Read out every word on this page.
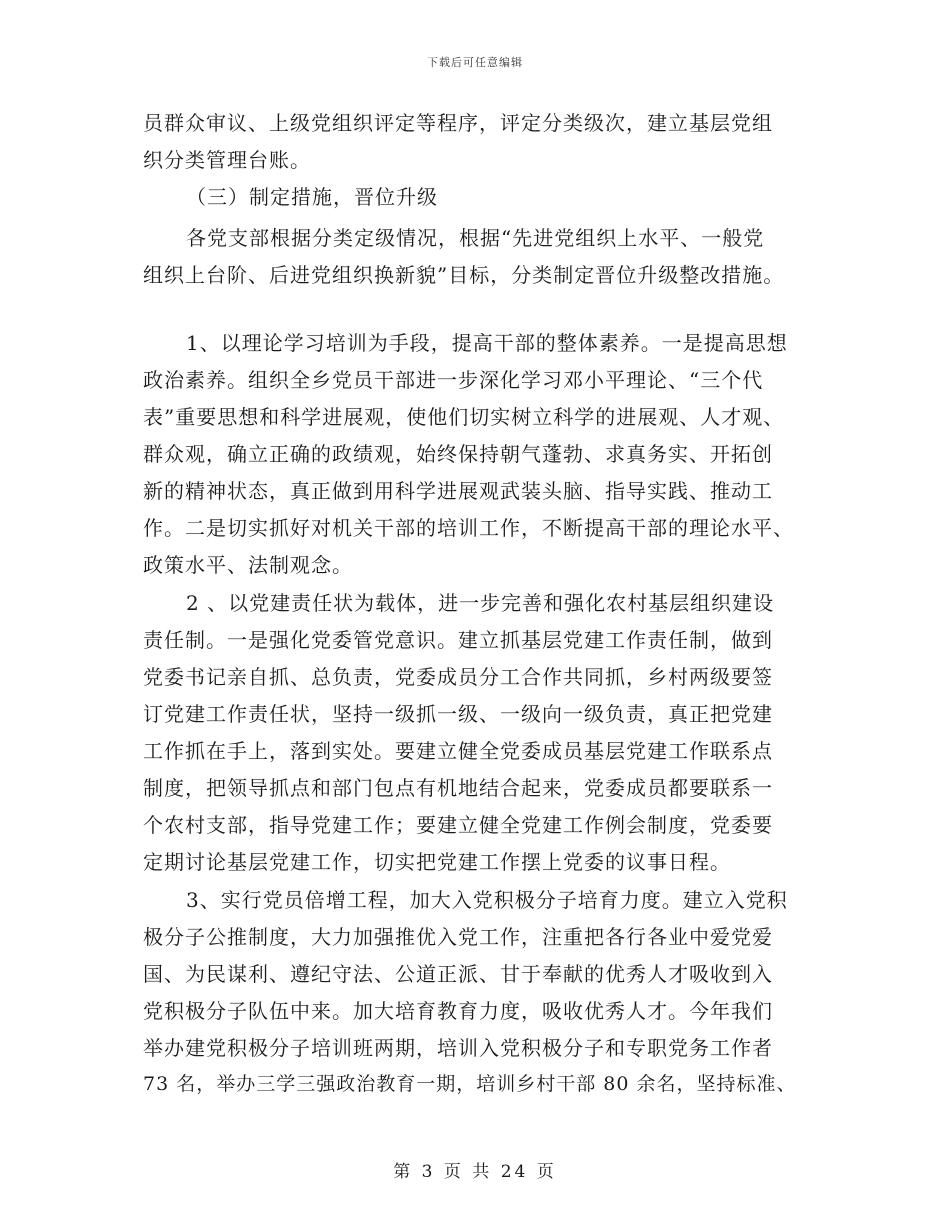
下载后可任意编辑
员群众审议、上级党组织评定等程序，评定分类级次，建立基层党组
织分类管理台账。
（三）制定措施，晋位升级
各党支部根据分类定级情况，根据“先进党组织上水平、一般党
组织上台阶、后进党组织换新貌”目标，分类制定晋位升级整改措施。
1、以理论学习培训为手段，提高干部的整体素养。一是提高思想
政治素养。组织全乡党员干部进一步深化学习邓小平理论、“三个代
表”重要思想和科学进展观，使他们切实树立科学的进展观、人才观、
群众观，确立正确的政绩观，始终保持朝气蓬勃、求真务实、开拓创
新的精神状态，真正做到用科学进展观武装头脑、指导实践、推动工
作。二是切实抓好对机关干部的培训工作，不断提高干部的理论水平、
政策水平、法制观念。
2 、以党建责任状为载体，进一步完善和强化农村基层组织建设
责任制。一是强化党委管党意识。建立抓基层党建工作责任制，做到
党委书记亲自抓、总负责，党委成员分工合作共同抓，乡村两级要签
订党建工作责任状，坚持一级抓一级、一级向一级负责，真正把党建
工作抓在手上，落到实处。要建立健全党委成员基层党建工作联系点
制度，把领导抓点和部门包点有机地结合起来，党委成员都要联系一
个农村支部，指导党建工作；要建立健全党建工作例会制度，党委要
定期讨论基层党建工作，切实把党建工作摆上党委的议事日程。
3、实行党员倍增工程，加大入党积极分子培育力度。建立入党积
极分子公推制度，大力加强推优入党工作，注重把各行各业中爱党爱
国、为民谋利、遵纪守法、公道正派、甘于奉献的优秀人才吸收到入
党积极分子队伍中来。加大培育教育力度，吸收优秀人才。今年我们
举办建党积极分子培训班两期，培训入党积极分子和专职党务工作者
73 名，举办三学三强政治教育一期，培训乡村干部 80 余名，坚持标准、
第 3 页 共 24 页
